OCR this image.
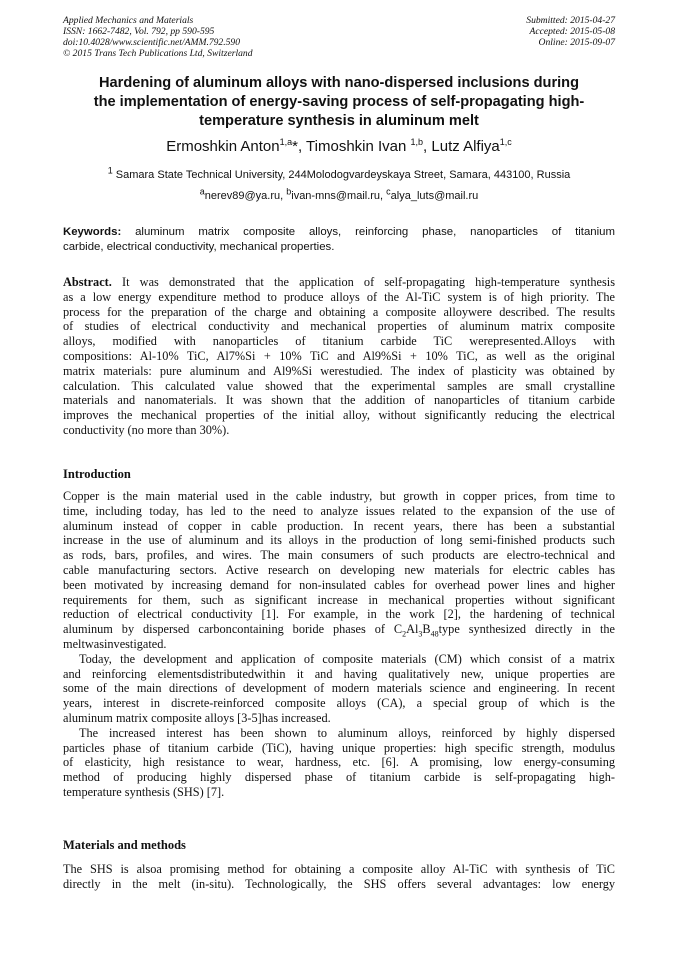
Applied Mechanics and Materials
ISSN: 1662-7482, Vol. 792, pp 590-595
doi:10.4028/www.scientific.net/AMM.792.590
© 2015 Trans Tech Publications Ltd, Switzerland
Submitted: 2015-04-27
Accepted: 2015-05-08
Online: 2015-09-07
Hardening of aluminum alloys with nano-dispersed inclusions during
the implementation of energy-saving process of self-propagating high-
temperature synthesis in aluminum melt
Ermoshkin Anton$^{1,a}$*, Timoshkin Ivan $^{1,b}$, Lutz Alfiya$^{1,c}$
$^1$ Samara State Technical University, 244Molodogvardeyskaya Street, Samara, 443100, Russia
$^a$nerev89@ya.ru, $^b$ivan-mns@mail.ru, $^c$alya_luts@mail.ru
Keywords: aluminum matrix composite alloys, reinforcing phase, nanoparticles of titanium
carbide, electrical conductivity, mechanical properties.
Abstract. It was demonstrated that the application of self-propagating high-temperature synthesis
as a low energy expenditure method to produce alloys of the Al-TiC system is of high priority. The
process for the preparation of the charge and obtaining a composite alloywere described. The results
of studies of electrical conductivity and mechanical properties of aluminum matrix composite
alloys, modified with nanoparticles of titanium carbide TiC werepresented.Alloys with
compositions: Al-10% TiC, Al7%Si + 10% TiC and Al9%Si + 10% TiC, as well as the original
matrix materials: pure aluminum and Al9%Si werestudied. The index of plasticity was obtained by
calculation. This calculated value showed that the experimental samples are small crystalline
materials and nanomaterials. It was shown that the addition of nanoparticles of titanium carbide
improves the mechanical properties of the initial alloy, without significantly reducing the electrical
conductivity (no more than 30%).
Introduction
Copper is the main material used in the cable industry, but growth in copper prices, from time to
time, including today, has led to the need to analyze issues related to the expansion of the use of
aluminum instead of copper in cable production. In recent years, there has been a substantial
increase in the use of aluminum and its alloys in the production of long semi-finished products such
as rods, bars, profiles, and wires. The main consumers of such products are electro-technical and
cable manufacturing sectors. Active research on developing new materials for electric cables has
been motivated by increasing demand for non-insulated cables for overhead power lines and higher
requirements for them, such as significant increase in mechanical properties without significant
reduction of electrical conductivity [1]. For example, in the work [2], the hardening of technical
aluminum by dispersed carboncontaining boride phases of $C_2Al_3B_{48}type$ synthesized directly in the
meltwasinvestigated.
Today, the development and application of composite materials (CM) which consist of a matrix
and reinforcing elementsdistributedwithin it and having qualitatively new, unique properties are
some of the main directions of development of modern materials science and engineering. In recent
years, interest in discrete-reinforced composite alloys (CA), a special group of which is the
aluminum matrix composite alloys [3-5]has increased.
The increased interest has been shown to aluminum alloys, reinforced by highly dispersed
particles phase of titanium carbide (TiC), having unique properties: high specific strength, modulus
of elasticity, high resistance to wear, hardness, etc. [6]. A promising, low energy-consuming
method of producing highly dispersed phase of titanium carbide is self-propagating high-
temperature synthesis (SHS) [7].
Materials and methods
The SHS is alsoa promising method for obtaining a composite alloy Al-TiC with synthesis of TiC
directly in the melt (in-situ). Technologically, the SHS offers several advantages: low energy
